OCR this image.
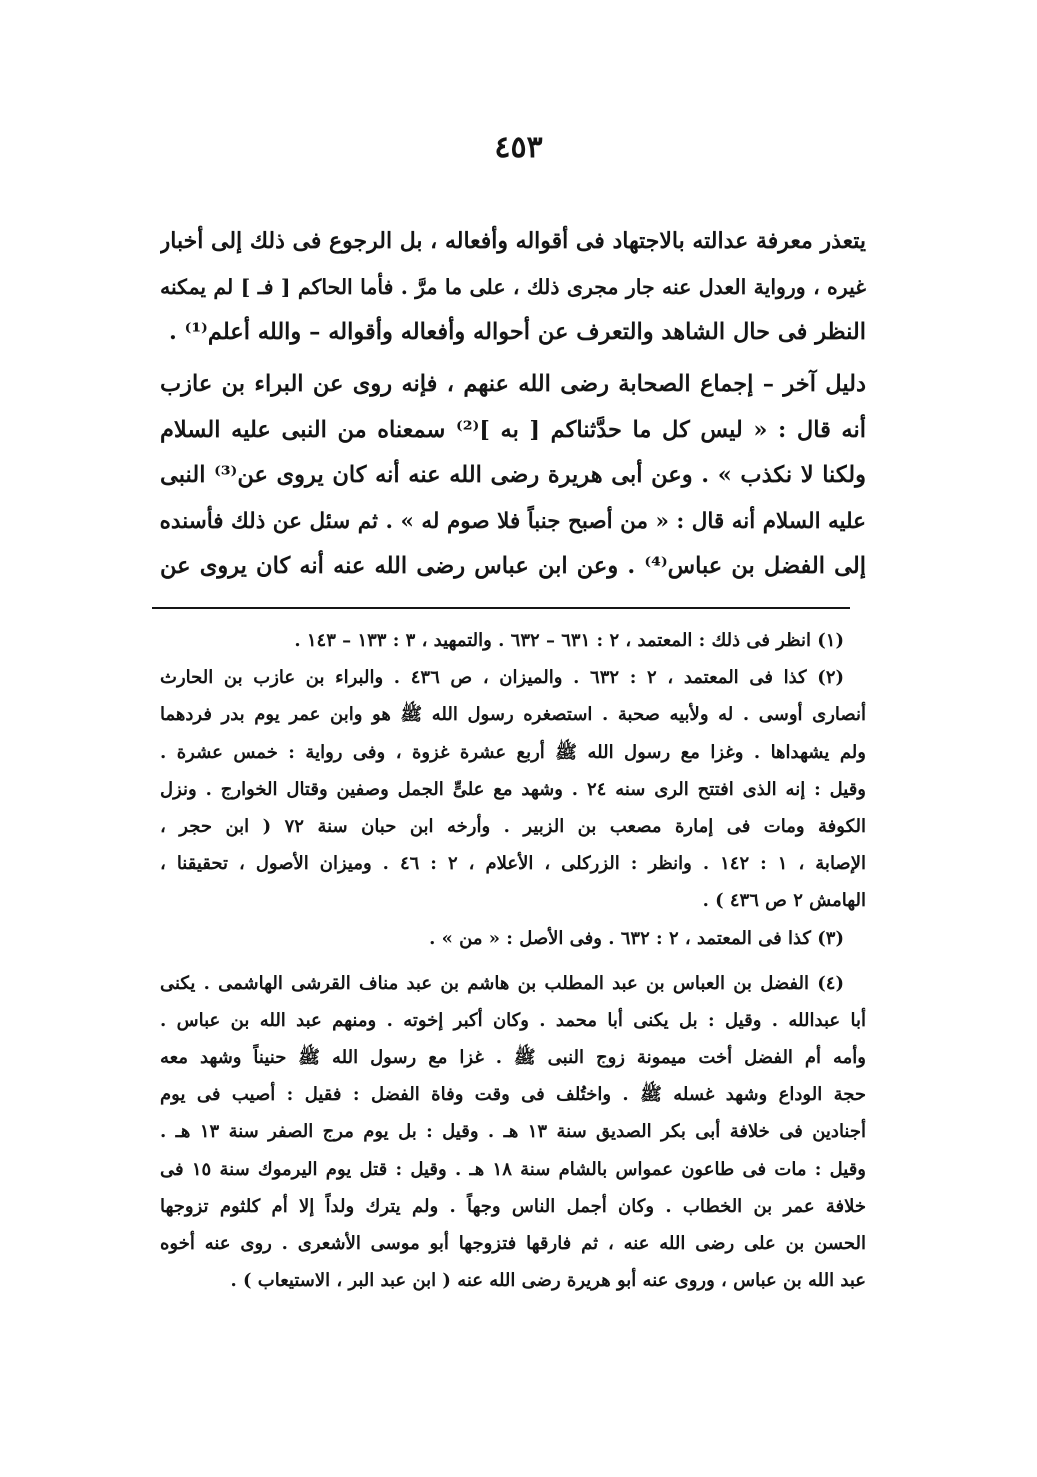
٤٥٣
يتعذر معرفة عدالته بالاجتهاد فى أقواله وأفعاله ، بل الرجوع فى ذلك إلى أخبار
غيره ، ورواية العدل عنه جار مجرى ذلك ، على ما مرَّ . فأما الحاكم [ فـ ] لم يمكنه
النظر فى حال الشاهد والتعرف عن أحواله وأفعاله وأقواله – والله أعلم⁽¹⁾ .
دليل آخر – إجماع الصحابة رضى الله عنهم ، فإنه روى عن البراء بن عازب
أنه قال : « ليس كل ما حدَّثناكم [ به ]⁽²⁾ سمعناه من النبى عليه السلام
ولكنا لا نكذب » . وعن أبى هريرة رضى الله عنه أنه كان يروى عن⁽³⁾ النبى
عليه السلام أنه قال : « من أصبح جنباً فلا صوم له » . ثم سئل عن ذلك فأسنده
إلى الفضل بن عباس⁽⁴⁾ . وعن ابن عباس رضى الله عنه أنه كان يروى عن
(١) انظر فى ذلك : المعتمد ، ٢ : ٦٣١ – ٦٣٢ . والتمهيد ، ٣ : ١٣٣ – ١٤٣ .
(٢) كذا فى المعتمد ، ٢ : ٦٣٢ . والميزان ، ص ٤٣٦ . والبراء بن عازب بن الحارث
أنصارى أوسى . له ولأبيه صحبة . استصغره رسول الله ﷺ هو وابن عمر يوم بدر فردهما
ولم يشهداها . وغزا مع رسول الله ﷺ أربع عشرة غزوة ، وفى رواية : خمس عشرة .
وقيل : إنه الذى افتتح الرى سنه ٢٤ . وشهد مع علىٍّ الجمل وصفين وقتال الخوارج . ونزل
الكوفة ومات فى إمارة مصعب بن الزبير . وأرخه ابن حبان سنة ٧٢ ( ابن حجر ،
الإصابة ، ١ : ١٤٢ . وانظر : الزركلى ، الأعلام ، ٢ : ٤٦ . وميزان الأصول ، تحقيقنا ،
الهامش ٢ ص ٤٣٦ ) .
(٣) كذا فى المعتمد ، ٢ : ٦٣٢ . وفى الأصل : « من » .
(٤) الفضل بن العباس بن عبد المطلب بن هاشم بن عبد مناف القرشى الهاشمى . يكنى
أبا عبدالله . وقيل : بل يكنى أبا محمد . وكان أكبر إخوته . ومنهم عبد الله بن عباس .
وأمه أم الفضل أخت ميمونة زوج النبى ﷺ . غزا مع رسول الله ﷺ حنيناً وشهد معه
حجة الوداع وشهد غسله ﷺ . واختُلف فى وقت وفاة الفضل : فقيل : أصيب فى يوم
أجنادين فى خلافة أبى بكر الصديق سنة ١٣ هـ . وقيل : بل يوم مرج الصفر سنة ١٣ هـ .
وقيل : مات فى طاعون عمواس بالشام سنة ١٨ هـ . وقيل : قتل يوم اليرموك سنة ١٥ فى
خلافة عمر بن الخطاب . وكان أجمل الناس وجهاً . ولم يترك ولداً إلا أم كلثوم تزوجها
الحسن بن على رضى الله عنه ، ثم فارقها فتزوجها أبو موسى الأشعرى . روى عنه أخوه
عبد الله بن عباس ، وروى عنه أبو هريرة رضى الله عنه ( ابن عبد البر ، الاستيعاب ) .
